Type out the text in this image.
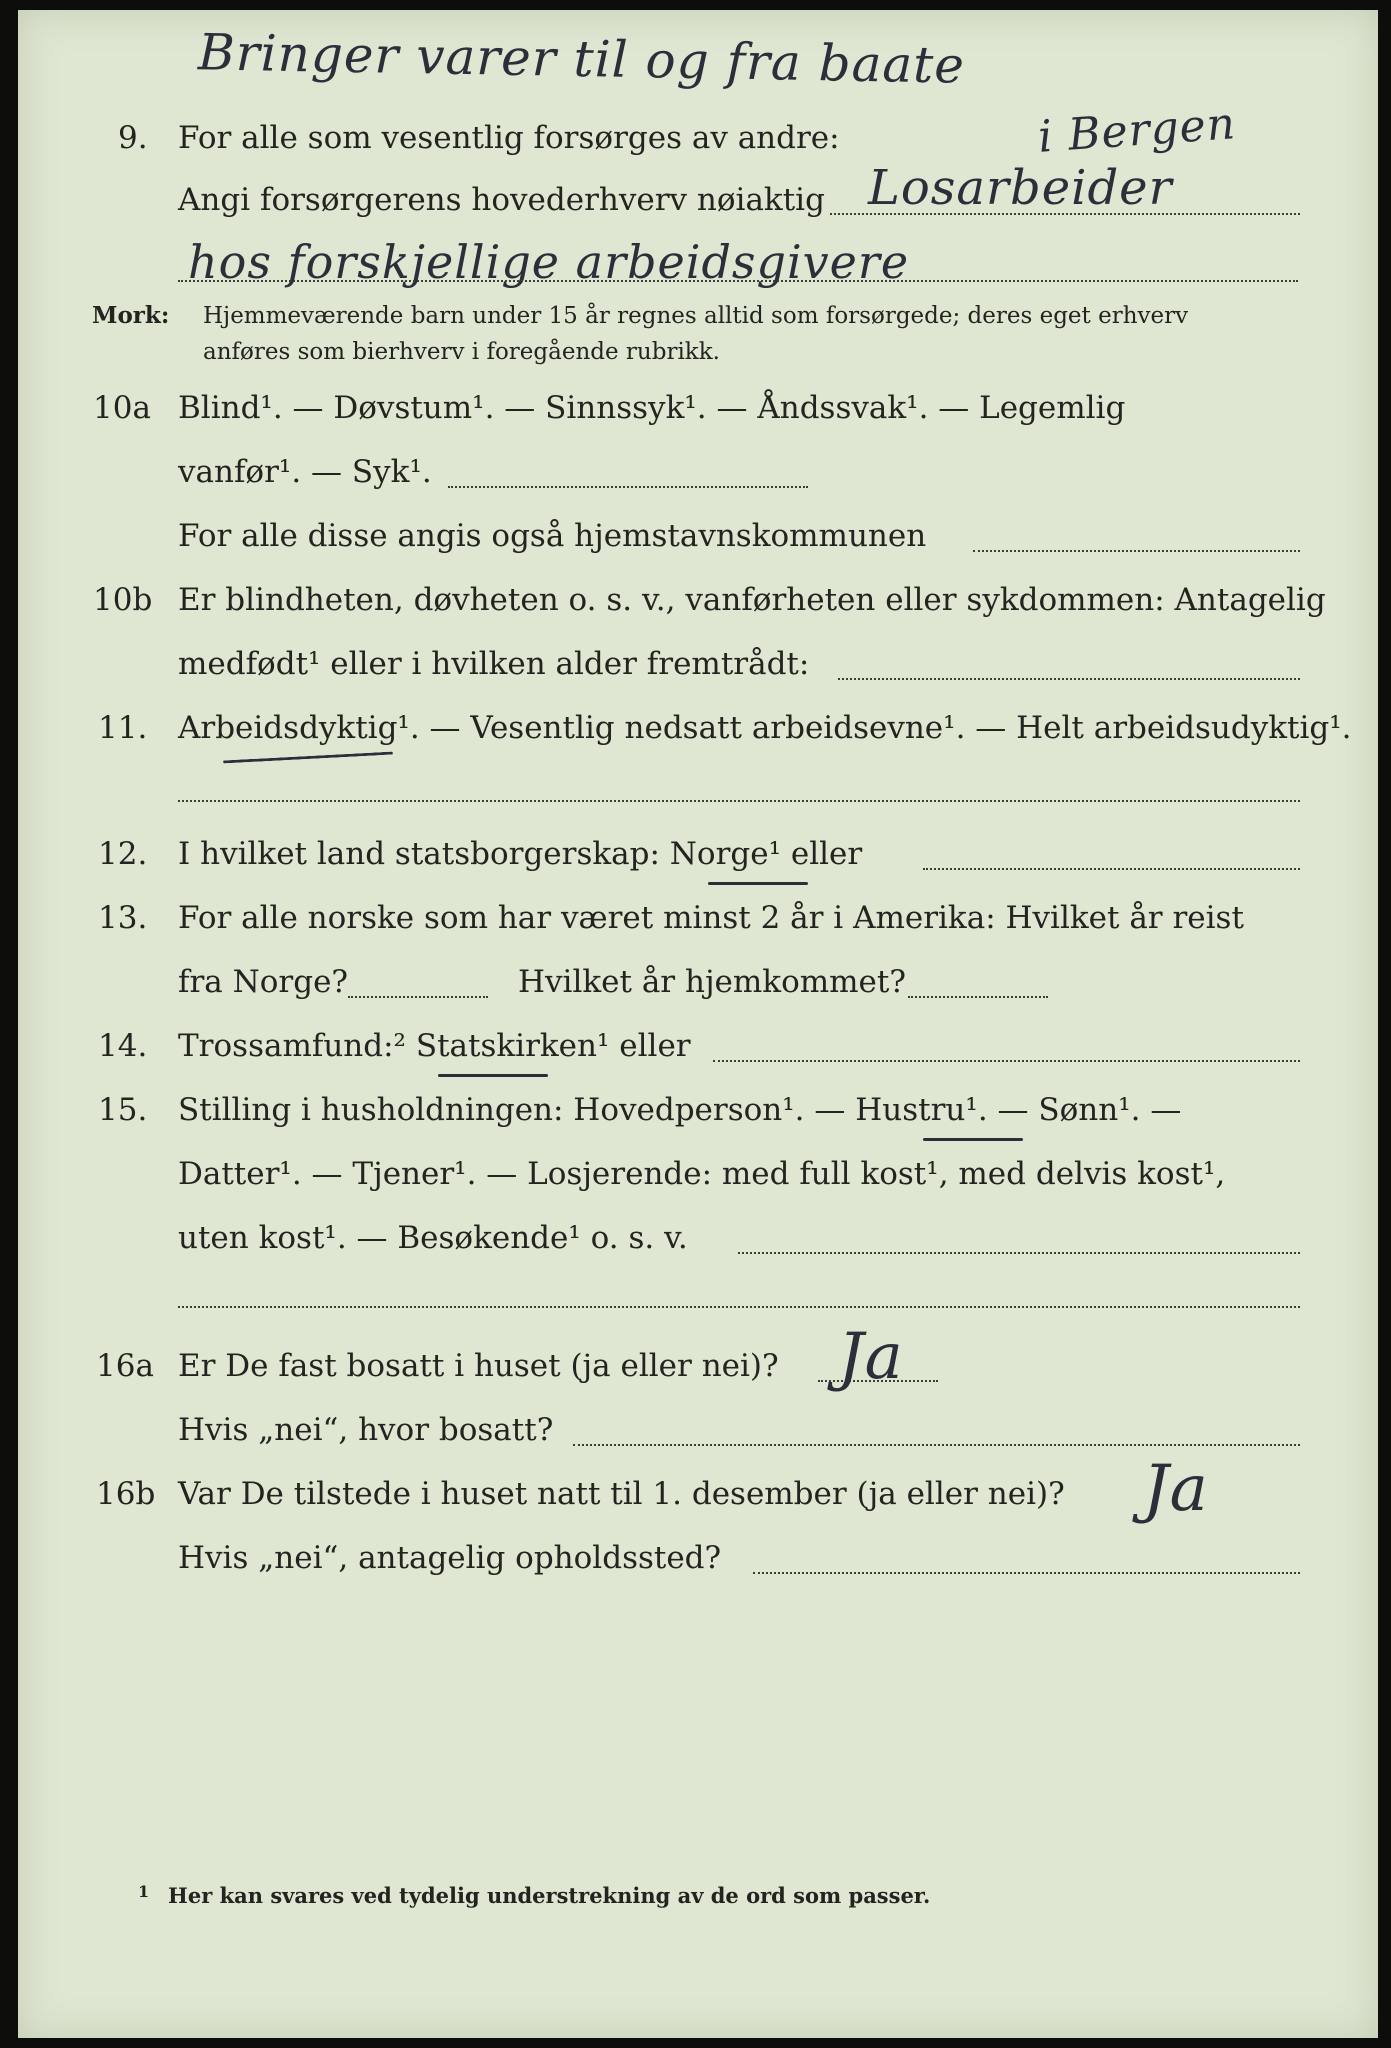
Bringer varer til og fra baate
i Bergen
9. For alle som vesentlig forsørges av andre:
Angi forsørgerens hovederhverv nøiaktig Losarbeider
hos forskjellige arbeidsgivere
Mork: Hjemmeværende barn under 15 år regnes alltid som forsørgede; deres eget erhverv
anføres som bierhverv i foregående rubrikk.
10a Blind¹. — Døvstum¹. — Sinnssyk¹. — Åndssvak¹. — Legemlig
vanfør¹. — Syk¹.
For alle disse angis også hjemstavnskommunen
10b Er blindheten, døvheten o. s. v., vanførheten eller sykdommen: Antagelig
medfødt¹ eller i hvilken alder fremtrådt:
11. Arbeidsdyktig¹. — Vesentlig nedsatt arbeidsevne¹. — Helt arbeidsudyktig¹.
12. I hvilket land statsborgerskap: Norge¹ eller
13. For alle norske som har været minst 2 år i Amerika: Hvilket år reist
fra Norge?	Hvilket år hjemkommet?
14. Trossamfund:² Statskirken¹ eller
15. Stilling i husholdningen: Hovedperson¹. — Hustru¹. — Sønn¹. —
Datter¹. — Tjener¹. — Losjerende: med full kost¹, med delvis kost¹,
uten kost¹. — Besøkende¹ o. s. v.
16a Er De fast bosatt i huset (ja eller nei)? Ja
Hvis „nei“, hvor bosatt?
16b Var De tilstede i huset natt til 1. desember (ja eller nei)? Ja
Hvis „nei“, antagelig opholdssted?
1 Her kan svares ved tydelig understrekning av de ord som passer.
